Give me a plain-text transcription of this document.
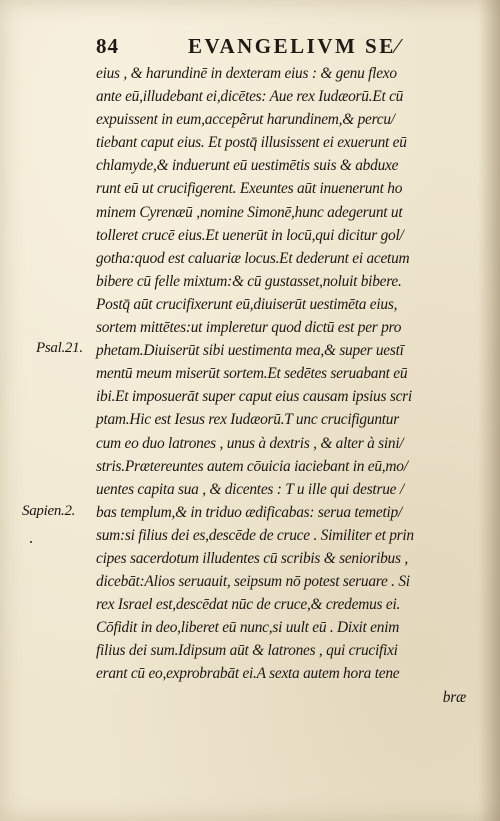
84	EVANGELIVM SE⁄
Psal.21.
Sapien.2.
eius , & harundinē in dexteram eius : & genu flexo
ante eū,illudebant ei,dicētes: Aue rex Iudæorū.Et cū
expuissent in eum,accepẽrut harundinem,& percu/
tiebant caput eius. Et postq̄ illusissent ei exuerunt eū
chlamyde,& induerunt eū uestimētis suis & abduxe
runt eū ut crucifigerent. Exeuntes aūt inuenerunt ho
minem Cyrenæū ,nomine Simonē,hunc adegerunt ut
tolleret crucē eius.Et uenerūt in locū,qui dicitur gol/
gotha:quod est caluariæ locus.Et dederunt ei acetum
bibere cū felle mixtum:& cū gustasset,noluit bibere.
Postq̄ aūt crucifixerunt eū,diuiserūt uestimēta eius,
sortem mittētes:ut impleretur quod dictū est per pro
phetam.Diuiserūt sibi uestimenta mea,& super uestī
mentū meum miserūt sortem.Et sedētes seruabant eū
ibi.Et imposuerāt super caput eius causam ipsius scri
ptam.Hic est Iesus rex Iudæorū.T unc crucifiguntur
cum eo duo latrones , unus à dextris , & alter à sini/
stris.Prætereuntes autem cōuicia iaciebant in eū,mo/
uentes capita sua , & dicentes : T u ille qui destrue /
bas templum,& in triduo ædificabas: serua temetip/
sum:si filius dei es,descēde de cruce . Similiter et prin
cipes sacerdotum illudentes cū scribis & senioribus ,
dicebāt:Alios seruauit, seipsum nō potest seruare . Si
rex Israel est,descēdat nūc de cruce,& credemus ei.
Cōfidit in deo,liberet eū nunc,si uult eū . Dixit enim
filius dei sum.Idipsum aūt & latrones , qui crucifixi
erant cū eo,exprobrabāt ei.A sexta autem hora tene
bræ
